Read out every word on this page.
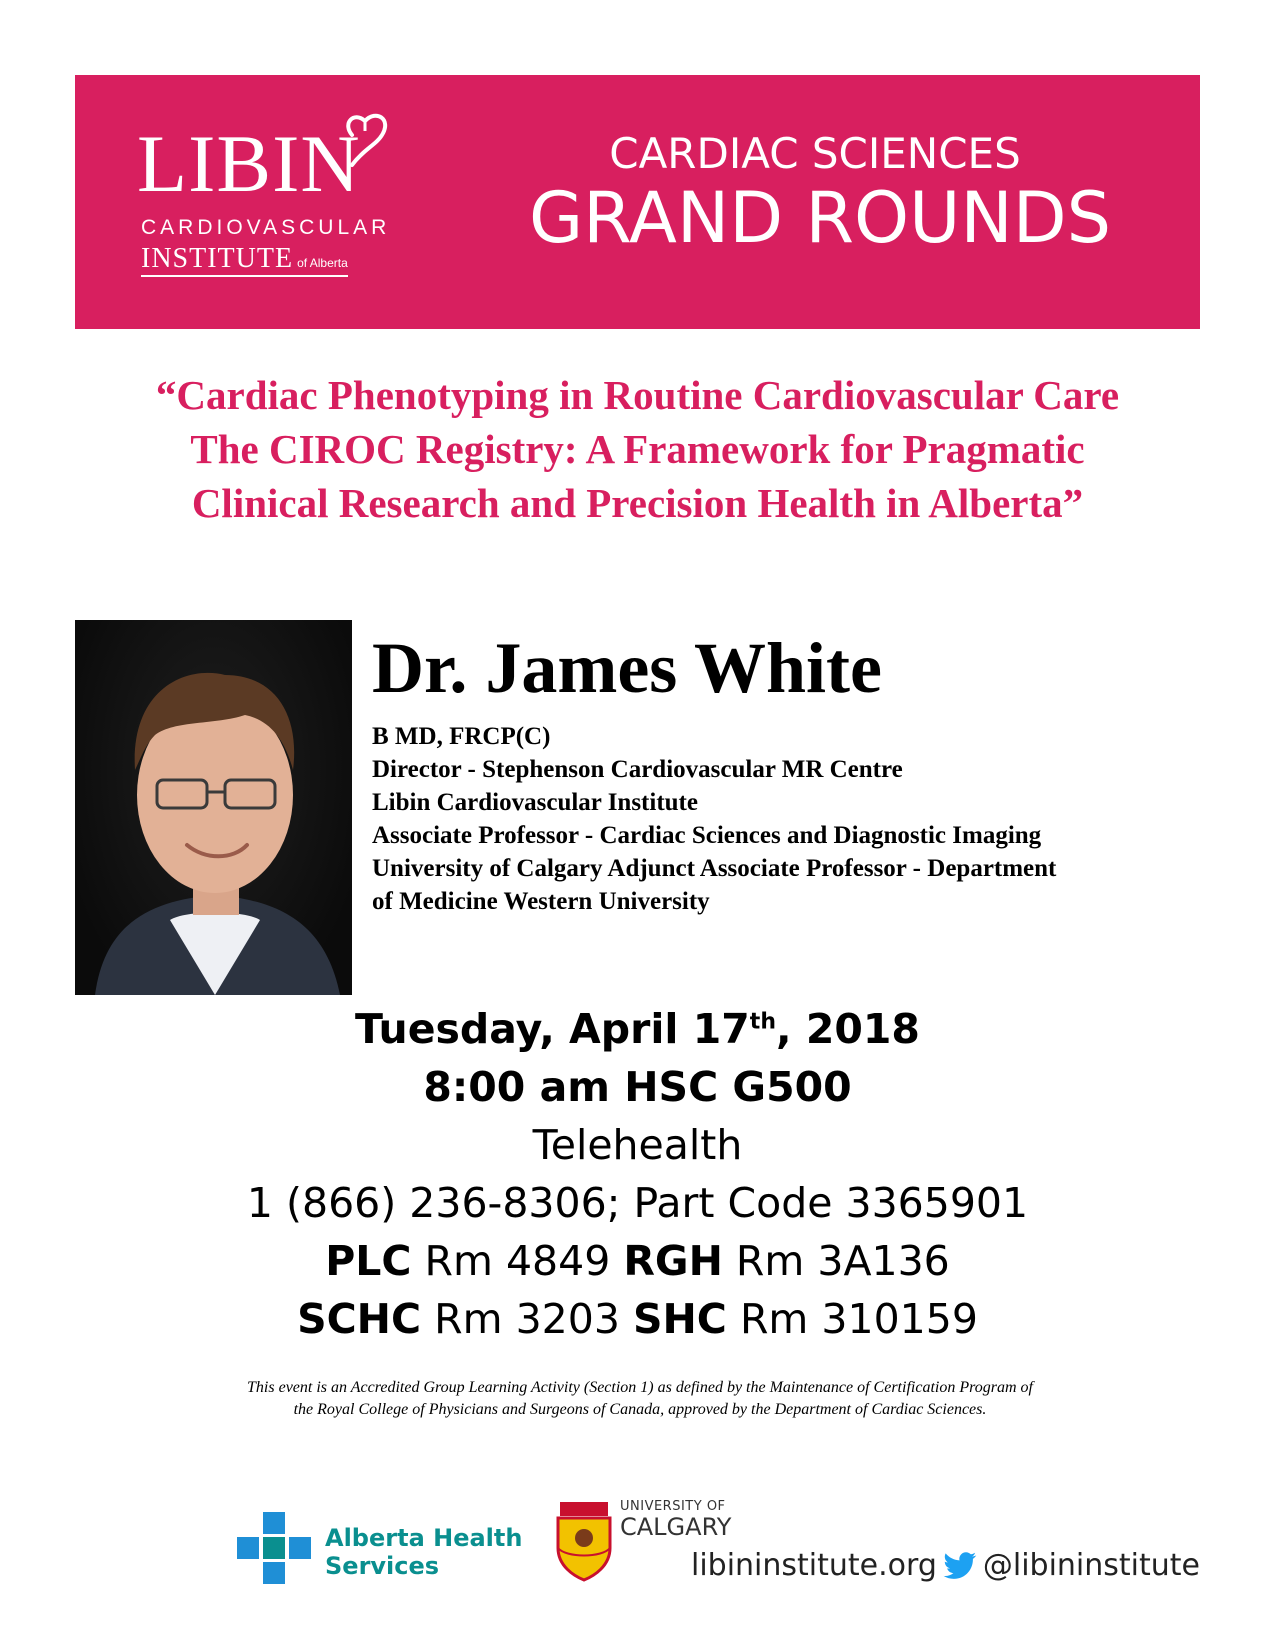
LIBIN
CARDIOVASCULAR
INSTITUTE of Alberta
CARDIAC SCIENCES
GRAND ROUNDS
“Cardiac Phenotyping in Routine Cardiovascular Care
The CIROC Registry: A Framework for Pragmatic
Clinical Research and Precision Health in Alberta”
Dr. James White
B MD, FRCP(C)
Director - Stephenson Cardiovascular MR Centre
Libin Cardiovascular Institute
Associate Professor - Cardiac Sciences and Diagnostic Imaging
University of Calgary Adjunct Associate Professor - Department
of Medicine Western University
Tuesday, April 17th, 2018
8:00 am HSC G500
Telehealth
1 (866) 236-8306; Part Code 3365901
PLC Rm 4849 RGH Rm 3A136
SCHC Rm 3203 SHC Rm 310159
This event is an Accredited Group Learning Activity (Section 1) as defined by the Maintenance of Certification Program of the Royal College of Physicians and Surgeons of Canada, approved by the Department of Cardiac Sciences.
Alberta Health
Services
UNIVERSITY OF
CALGARY
libininstitute.org @libininstitute
